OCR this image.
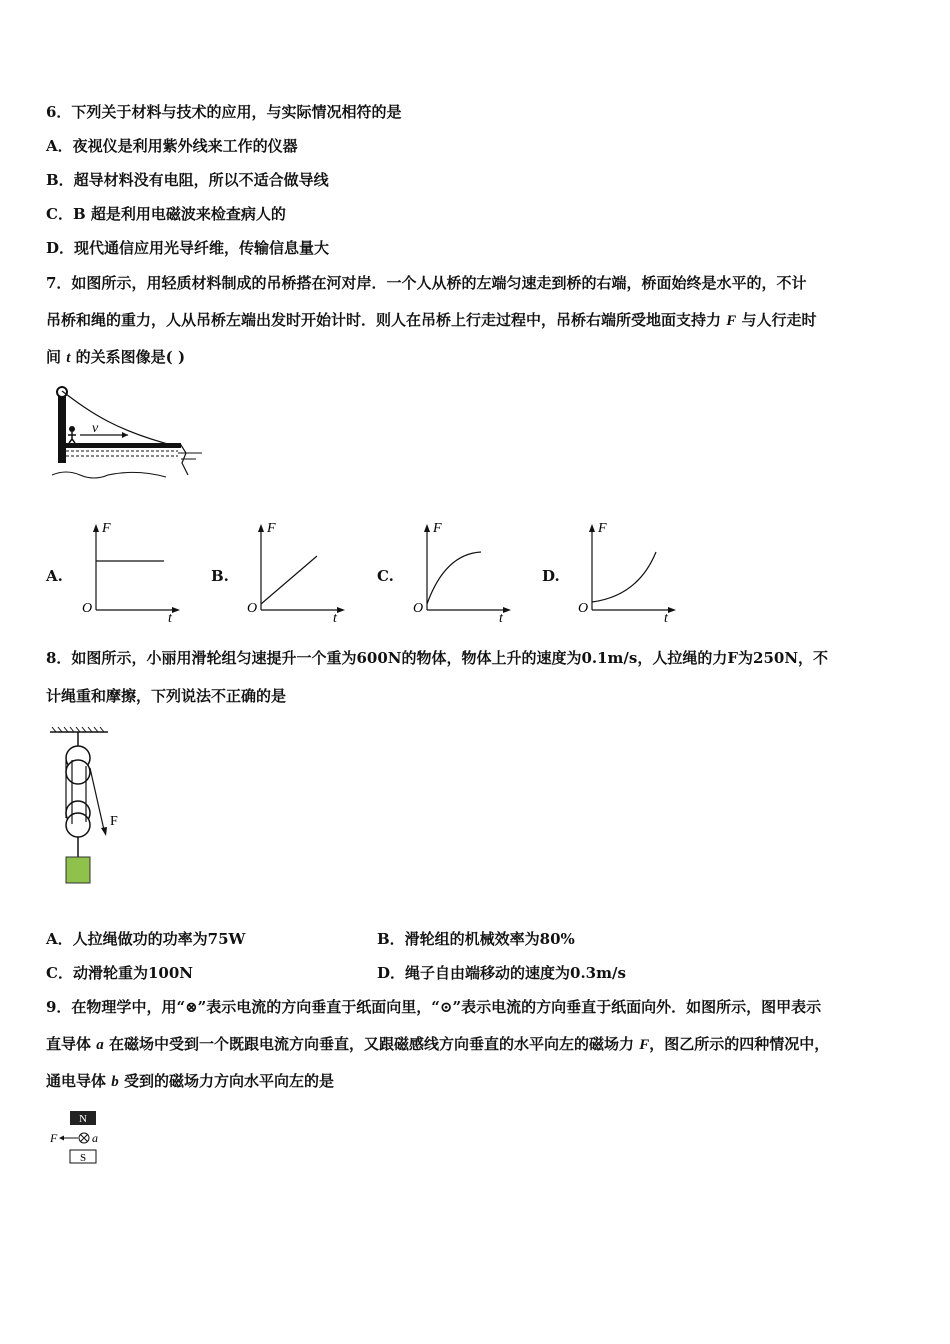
6．下列关于材料与技术的应用，与实际情况相符的是
A．夜视仪是利用紫外线来工作的仪器
B．超导材料没有电阻，所以不适合做导线
C．B 超是利用电磁波来检查病人的
D．现代通信应用光导纤维，传输信息量大
7．如图所示，用轻质材料制成的吊桥搭在河对岸．一个人从桥的左端匀速走到桥的右端，桥面始终是水平的，不计
吊桥和绳的重力，人从吊桥左端出发时开始计时．则人在吊桥上行走过程中，吊桥右端所受地面支持力 F 与人行走时
间 t 的关系图像是( )
v
A.
F
t
O
B.
F
t
O
C.
F
t
O
D.
F
t
O
8．如图所示，小丽用滑轮组匀速提升一个重为600N的物体，物体上升的速度为0.1m/s，人拉绳的力F为250N，不
计绳重和摩擦，下列说法不正确的是
F
A．人拉绳做功的功率为75W	B．滑轮组的机械效率为80%
C．动滑轮重为100N	D．绳子自由端移动的速度为0.3m/s
9．在物理学中，用“⊗”表示电流的方向垂直于纸面向里，“⊙”表示电流的方向垂直于纸面向外．如图所示，图甲表示
直导体 a 在磁场中受到一个既跟电流方向垂直，又跟磁感线方向垂直的水平向左的磁场力 F，图乙所示的四种情况中，
通电导体 b 受到的磁场力方向水平向左的是
N
F	a
S
